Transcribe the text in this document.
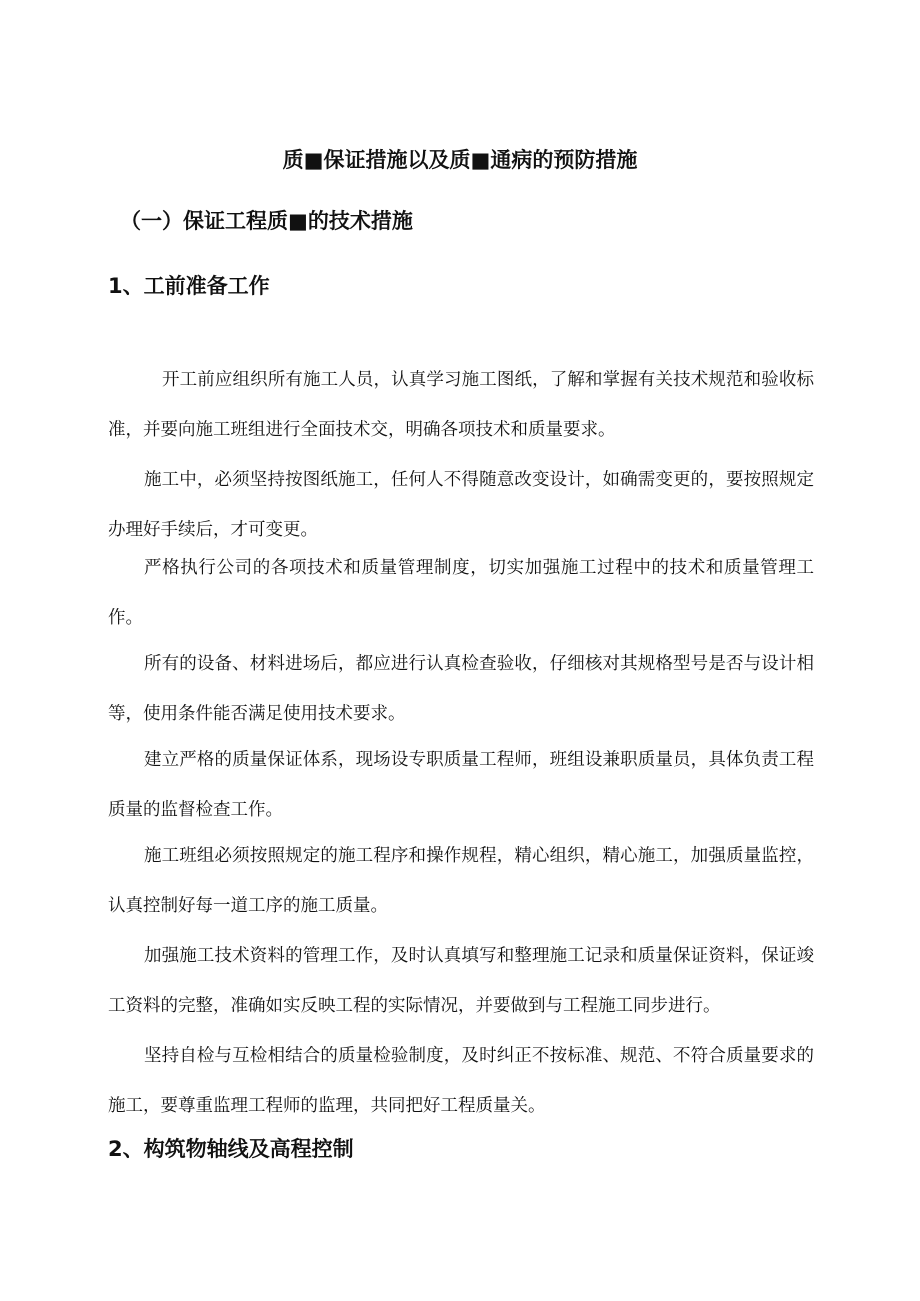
质■保证措施以及质■通病的预防措施
（一）保证工程质■的技术措施
1、工前准备工作

开工前应组织所有施工人员，认真学习施工图纸，了解和掌握有关技术规范和验收标准，并要向施工班组进行全面技术交，明确各项技术和质量要求。

施工中，必须坚持按图纸施工，任何人不得随意改变设计，如确需变更的，要按照规定办理好手续后，才可变更。

严格执行公司的各项技术和质量管理制度，切实加强施工过程中的技术和质量管理工作。

所有的设备、材料进场后，都应进行认真检查验收，仔细核对其规格型号是否与设计相等，使用条件能否满足使用技术要求。

建立严格的质量保证体系，现场设专职质量工程师，班组设兼职质量员，具体负责工程质量的监督检查工作。

施工班组必须按照规定的施工程序和操作规程，精心组织，精心施工，加强质量监控，认真控制好每一道工序的施工质量。

加强施工技术资料的管理工作，及时认真填写和整理施工记录和质量保证资料，保证竣工资料的完整，准确如实反映工程的实际情况，并要做到与工程施工同步进行。

坚持自检与互检相结合的质量检验制度，及时纠正不按标准、规范、不符合质量要求的施工，要尊重监理工程师的监理，共同把好工程质量关。

2、构筑物轴线及高程控制
